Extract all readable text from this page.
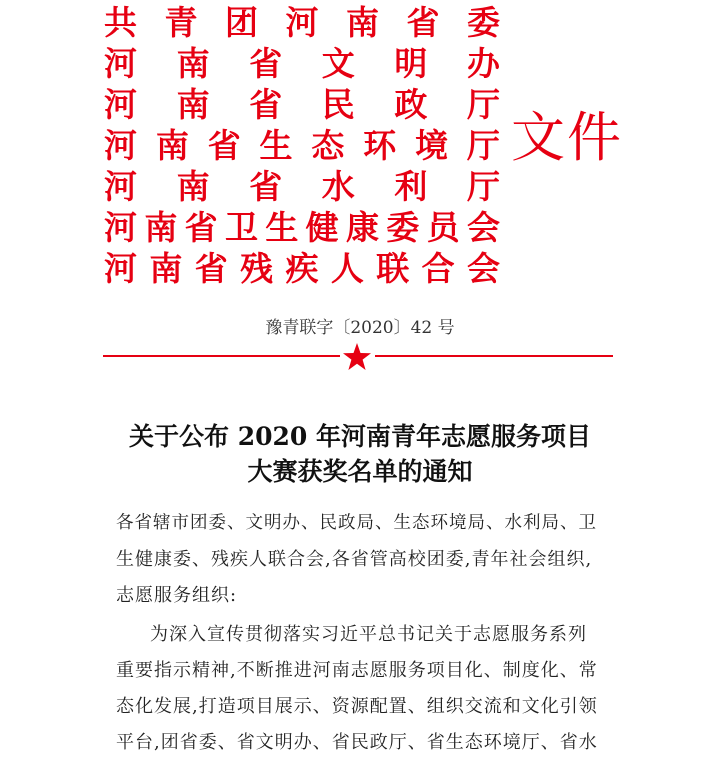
共 青 团 河 南 省 委
河 南 省 文 明 办
河 南 省 民 政 厅
河 南 省 生 态 环 境 厅
河 南 省 水 利 厅
河 南 省 卫 生 健 康 委 员 会
河 南 省 残 疾 人 联 合 会
文件
豫青联字〔2020〕42 号
关于公布 2020 年河南青年志愿服务项目
大赛获奖名单的通知
各省辖市团委、文明办、民政局、生态环境局、水利局、卫
生健康委、残疾人联合会,各省管高校团委,青年社会组织,
志愿服务组织:
为深入宣传贯彻落实习近平总书记关于志愿服务系列
重要指示精神,不断推进河南志愿服务项目化、制度化、常
态化发展,打造项目展示、资源配置、组织交流和文化引领
平台,团省委、省文明办、省民政厅、省生态环境厅、省水
